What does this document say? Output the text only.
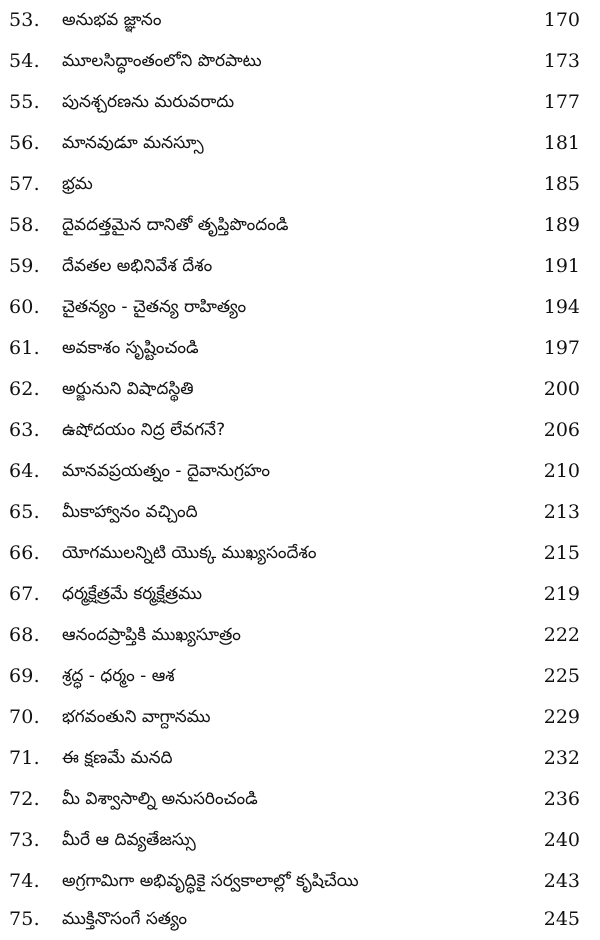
53. అనుభవ జ్ఞానం	170
54. మూలసిద్ధాంతంలోని పొరపాటు	173
55. పునశ్చరణను మరువరాదు	177
56. మానవుడూ మనస్సూ	181
57. భ్రమ	185
58. దైవదత్తమైన దానితో తృప్తిపొందండి	189
59. దేవతల అభినివేశ దేశం	191
60. చైతన్యం - చైతన్య రాహిత్యం	194
61. అవకాశం సృష్టించండి	197
62. అర్జునుని విషాదస్థితి	200
63. ఉషోదయం నిద్ర లేవగనే?	206
64. మానవప్రయత్నం - దైవానుగ్రహం	210
65. మీకాహ్వానం వచ్చింది	213
66. యోగములన్నిటి యొక్క ముఖ్యసందేశం	215
67. ధర్మక్షేత్రమే కర్మక్షేత్రము	219
68. ఆనందప్రాప్తికి ముఖ్యసూత్రం	222
69. శ్రద్ధ - ధర్మం - ఆశ	225
70. భగవంతుని వాగ్దానము	229
71. ఈ క్షణమే మనది	232
72. మీ విశ్వాసాల్ని అనుసరించండి	236
73. మీరే ఆ దివ్యతేజస్సు	240
74. అగ్రగామిగా అభివృద్ధికై సర్వకాలాల్లో కృషిచేయి	243
75. ముక్తినొసంగే సత్యం	245
